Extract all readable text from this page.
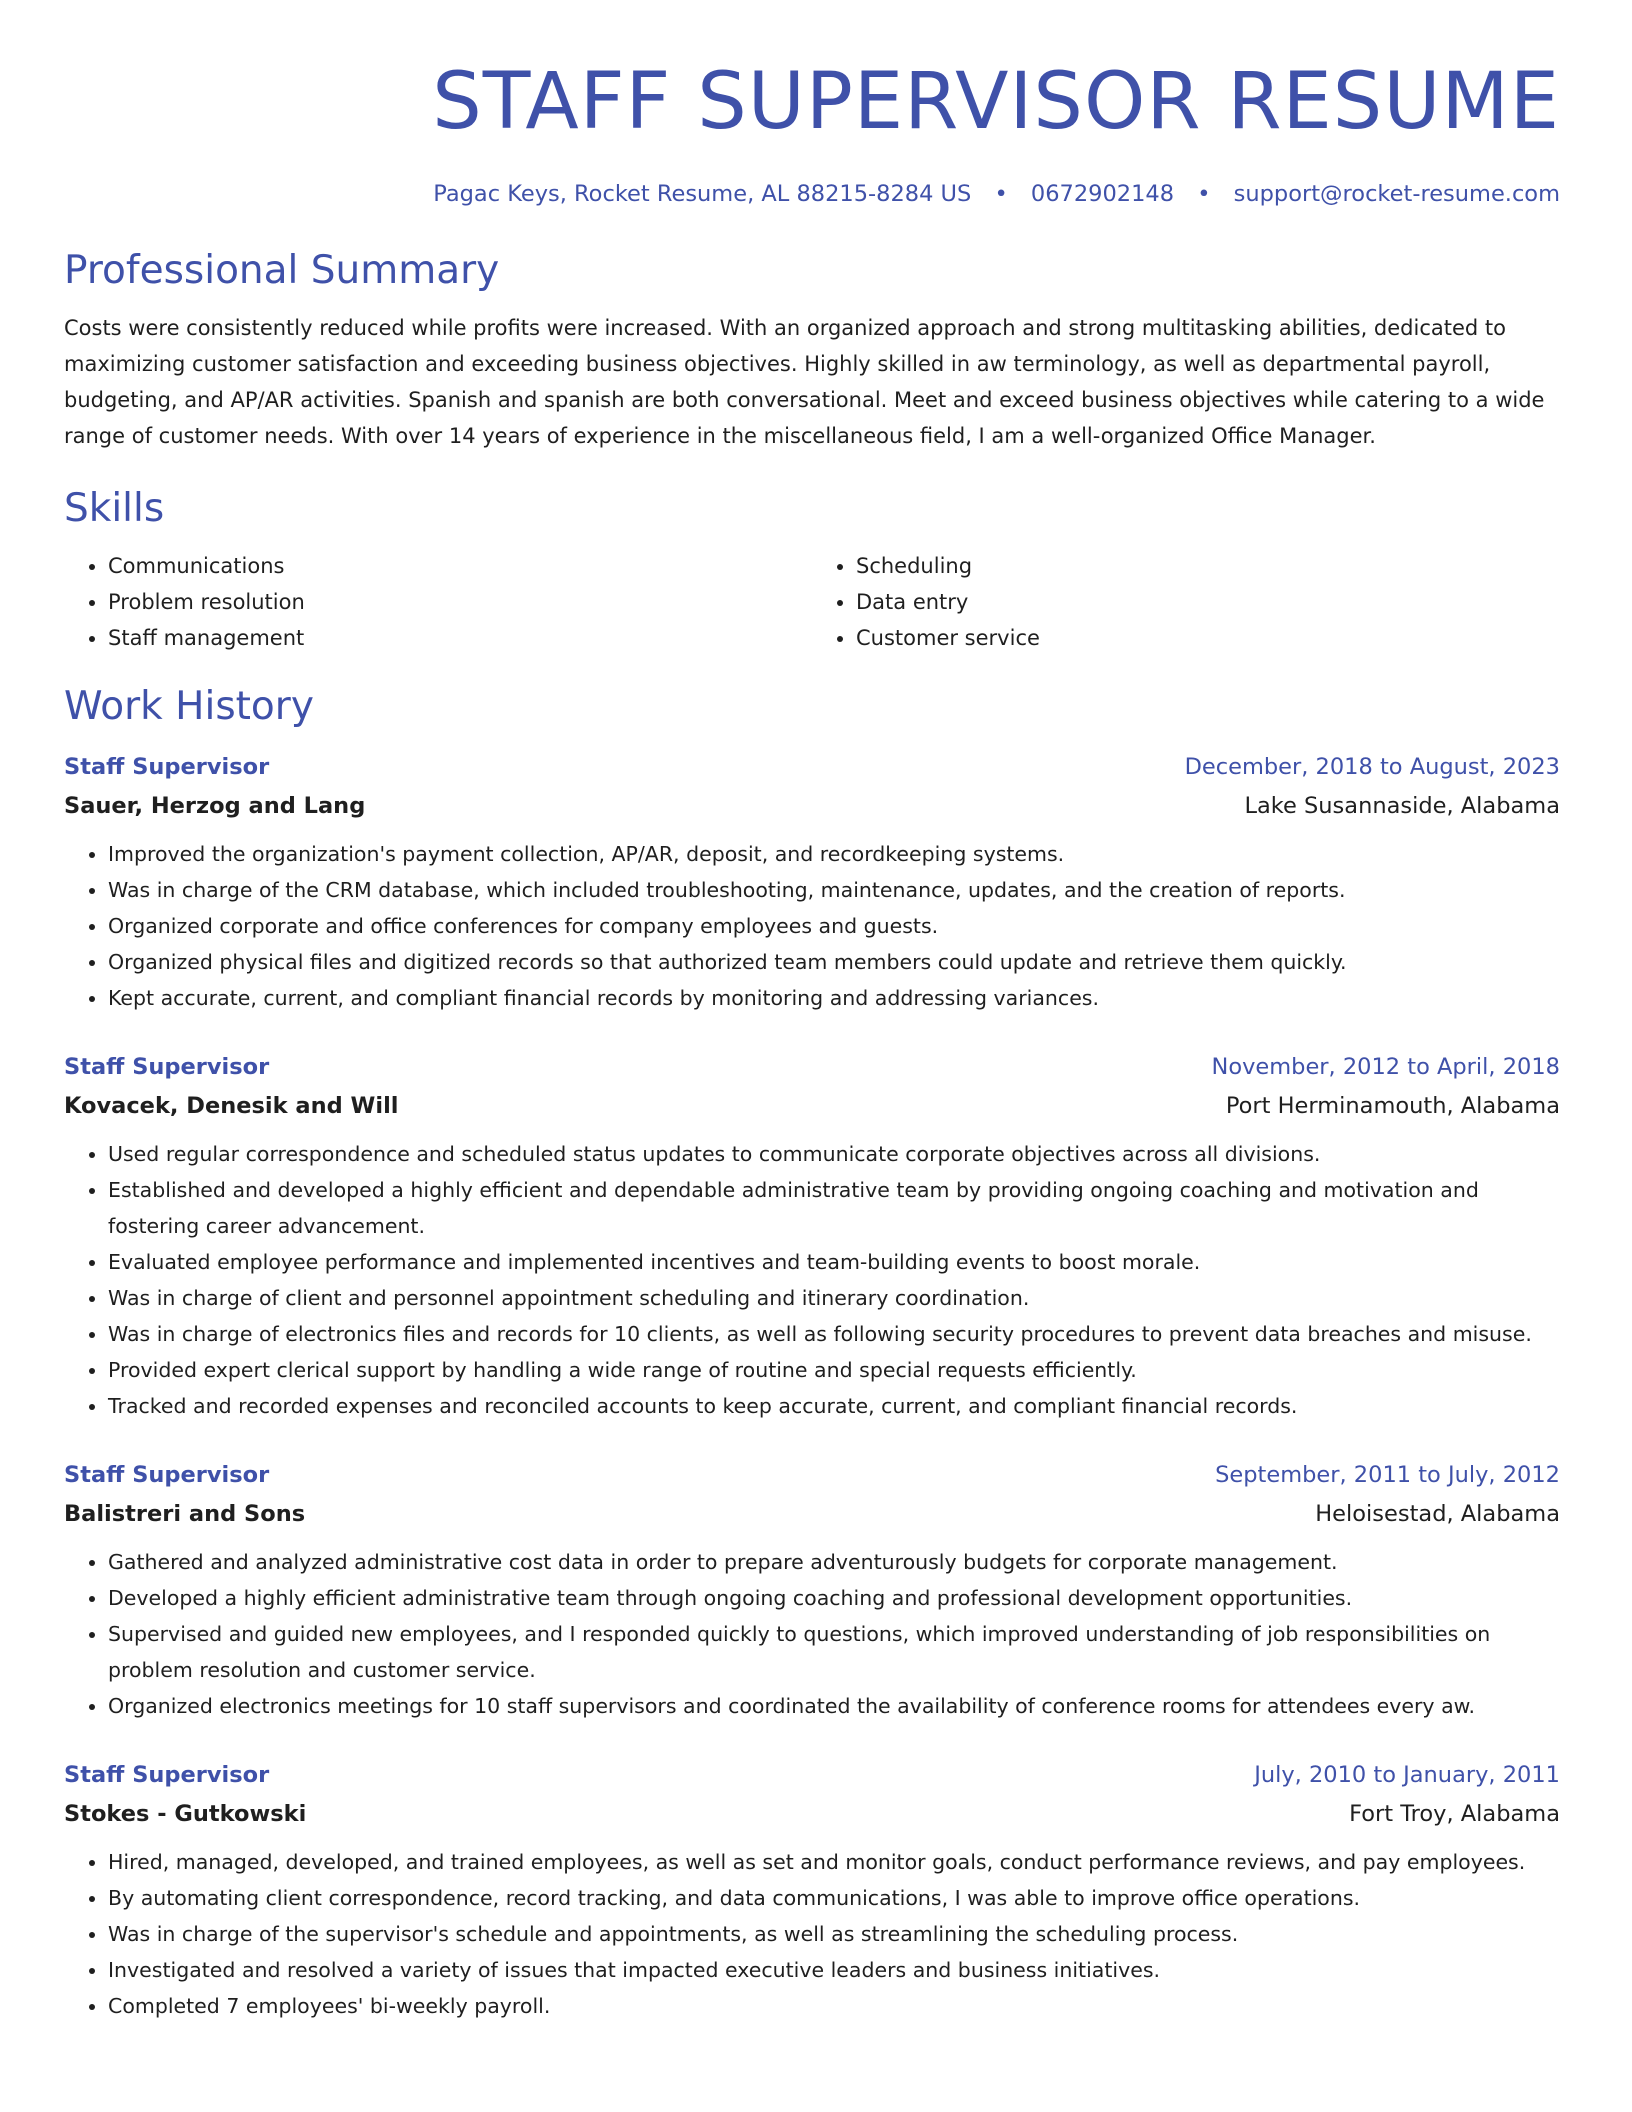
STAFF SUPERVISOR RESUME
Pagac Keys, Rocket Resume, AL 88215-8284 US • 0672902148 • support@rocket-resume.com
Professional Summary
Costs were consistently reduced while profits were increased. With an organized approach and strong multitasking abilities, dedicated to maximizing customer satisfaction and exceeding business objectives. Highly skilled in aw terminology, as well as departmental payroll, budgeting, and AP/AR activities. Spanish and spanish are both conversational. Meet and exceed business objectives while catering to a wide range of customer needs. With over 14 years of experience in the miscellaneous field, I am a well-organized Office Manager.
Skills
• Communications
• Problem resolution
• Staff management
• Scheduling
• Data entry
• Customer service
Work History
Staff Supervisor	December, 2018 to August, 2023
Sauer, Herzog and Lang	Lake Susannaside, Alabama
• Improved the organization's payment collection, AP/AR, deposit, and recordkeeping systems.
• Was in charge of the CRM database, which included troubleshooting, maintenance, updates, and the creation of reports.
• Organized corporate and office conferences for company employees and guests.
• Organized physical files and digitized records so that authorized team members could update and retrieve them quickly.
• Kept accurate, current, and compliant financial records by monitoring and addressing variances.
Staff Supervisor	November, 2012 to April, 2018
Kovacek, Denesik and Will	Port Herminamouth, Alabama
• Used regular correspondence and scheduled status updates to communicate corporate objectives across all divisions.
• Established and developed a highly efficient and dependable administrative team by providing ongoing coaching and motivation and fostering career advancement.
• Evaluated employee performance and implemented incentives and team-building events to boost morale.
• Was in charge of client and personnel appointment scheduling and itinerary coordination.
• Was in charge of electronics files and records for 10 clients, as well as following security procedures to prevent data breaches and misuse.
• Provided expert clerical support by handling a wide range of routine and special requests efficiently.
• Tracked and recorded expenses and reconciled accounts to keep accurate, current, and compliant financial records.
Staff Supervisor	September, 2011 to July, 2012
Balistreri and Sons	Heloisestad, Alabama
• Gathered and analyzed administrative cost data in order to prepare adventurously budgets for corporate management.
• Developed a highly efficient administrative team through ongoing coaching and professional development opportunities.
• Supervised and guided new employees, and I responded quickly to questions, which improved understanding of job responsibilities on problem resolution and customer service.
• Organized electronics meetings for 10 staff supervisors and coordinated the availability of conference rooms for attendees every aw.
Staff Supervisor	July, 2010 to January, 2011
Stokes - Gutkowski	Fort Troy, Alabama
• Hired, managed, developed, and trained employees, as well as set and monitor goals, conduct performance reviews, and pay employees.
• By automating client correspondence, record tracking, and data communications, I was able to improve office operations.
• Was in charge of the supervisor's schedule and appointments, as well as streamlining the scheduling process.
• Investigated and resolved a variety of issues that impacted executive leaders and business initiatives.
• Completed 7 employees' bi-weekly payroll.
